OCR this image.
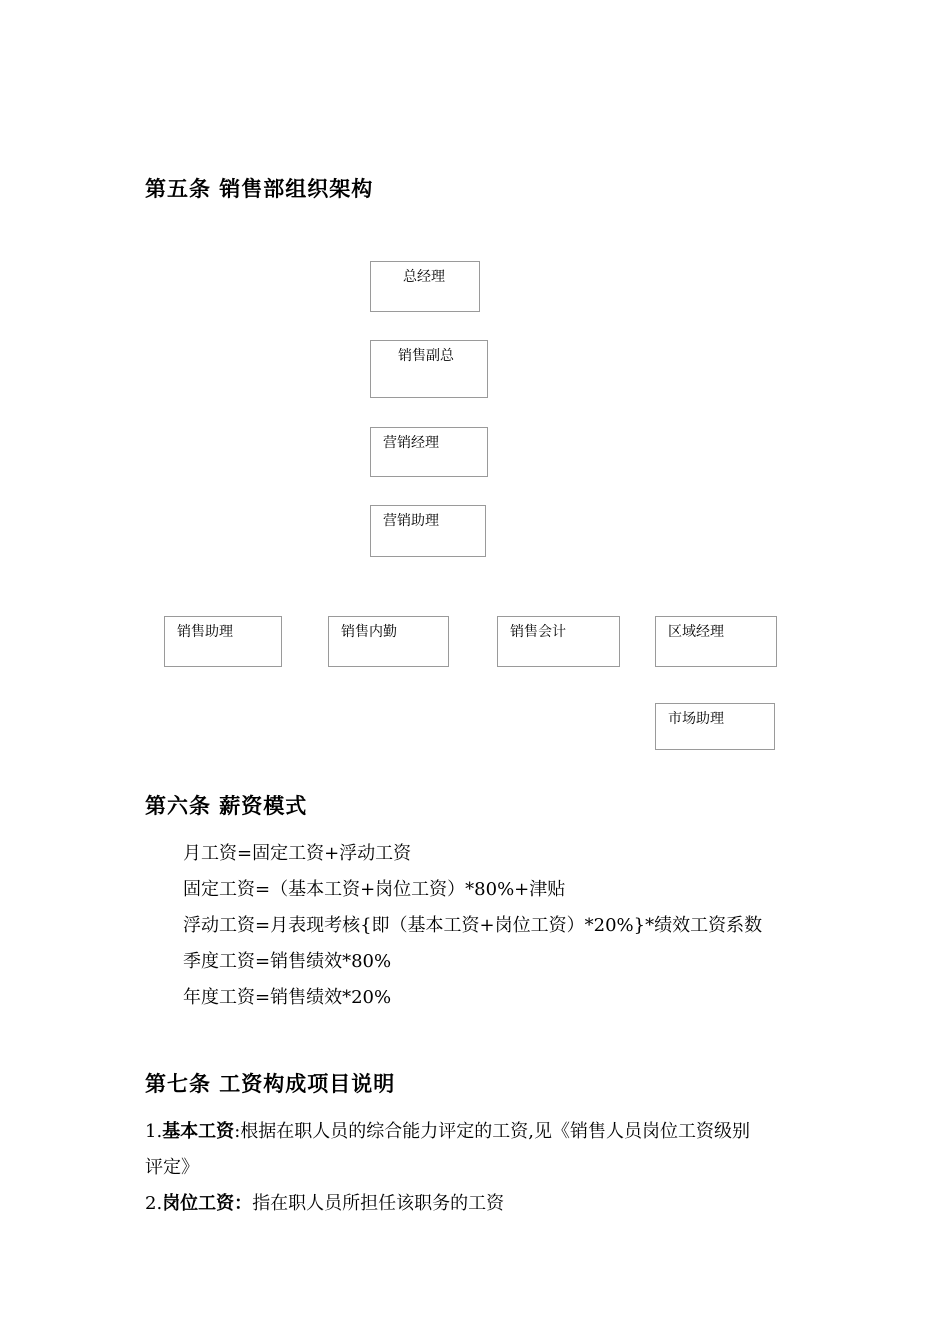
第五条 销售部组织架构
总经理
销售副总
营销经理
营销助理
销售助理	销售内勤	销售会计	区域经理
市场助理
第六条 薪资模式
月工资=固定工资+浮动工资
固定工资=（基本工资+岗位工资）*80%+津贴
浮动工资=月表现考核{即（基本工资+岗位工资）*20%}*绩效工资系数
季度工资=销售绩效*80%
年度工资=销售绩效*20%
第七条 工资构成项目说明
1.基本工资:根据在职人员的综合能力评定的工资,见《销售人员岗位工资级别
评定》
2.岗位工资：指在职人员所担任该职务的工资
